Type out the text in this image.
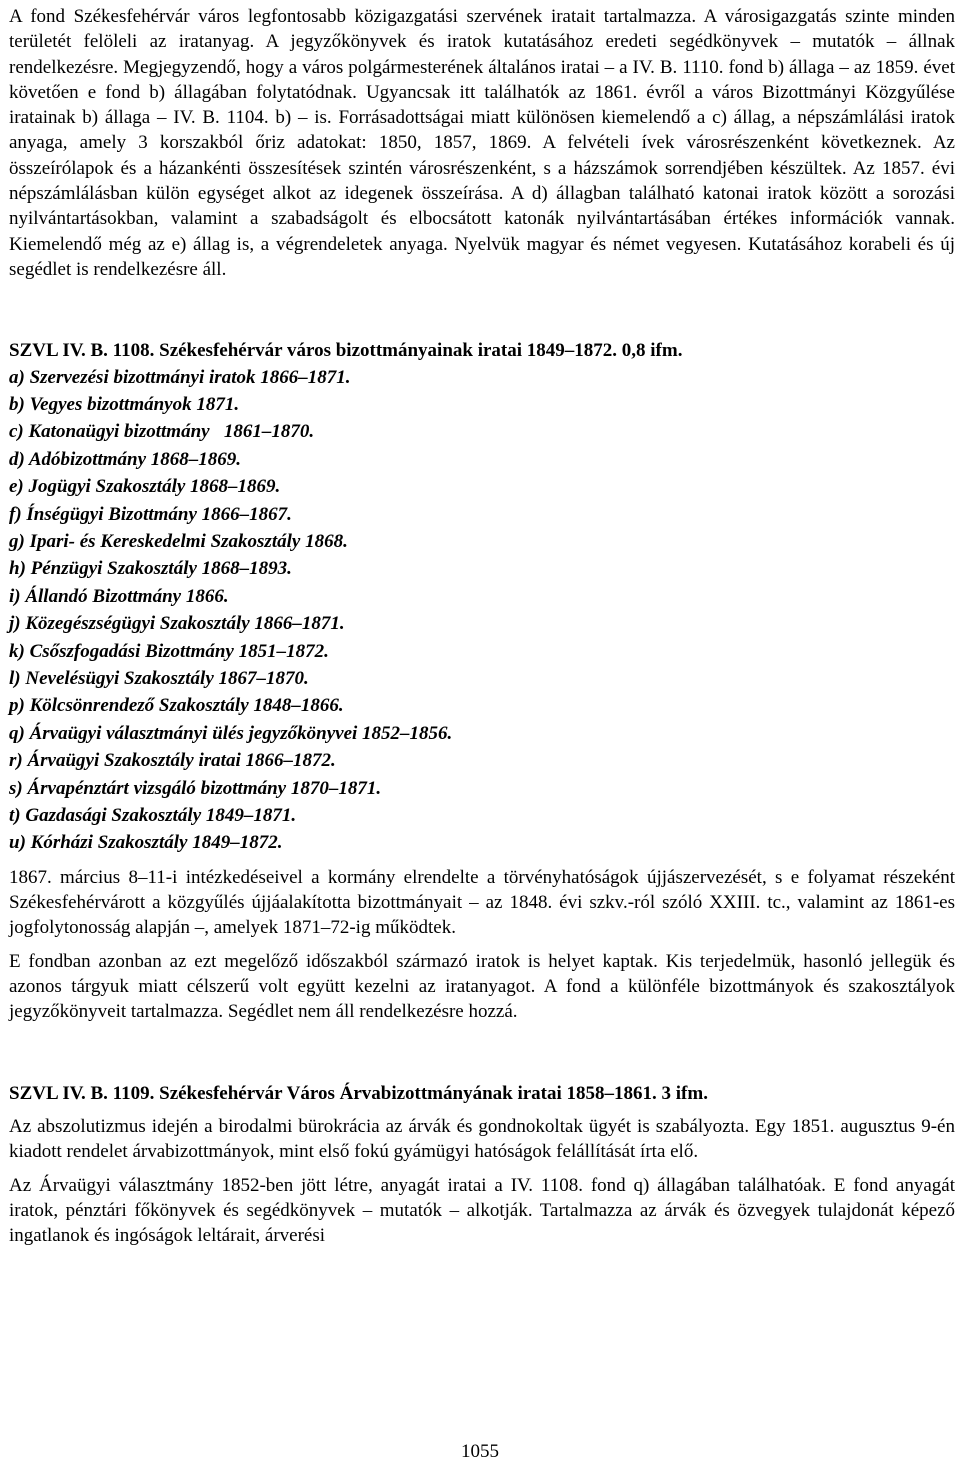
A fond Székesfehérvár város legfontosabb közigazgatási szervének iratait tartalmazza. A városigazgatás szinte minden területét felöleli az iratanyag. A jegyzőkönyvek és iratok kutatásához eredeti segédkönyvek – mutatók – állnak rendelkezésre. Megjegyzendő, hogy a város polgármesterének általános iratai – a IV. B. 1110. fond b) állaga – az 1859. évet követően e fond b) állagában folytatódnak. Ugyancsak itt találhatók az 1861. évről a város Bizottmányi Közgyűlése iratainak b) állaga – IV. B. 1104. b) – is. Forrásadottságai miatt különösen kiemelendő a c) állag, a népszámlálási iratok anyaga, amely 3 korszakból őriz adatokat: 1850, 1857, 1869. A felvételi ívek városrészenként következnek. Az összeírólapok és a házankénti összesítések szintén városrészenként, s a házszámok sorrendjében készültek. Az 1857. évi népszámlálásban külön egységet alkot az idegenek összeírása. A d) állagban található katonai iratok között a sorozási nyilvántartásokban, valamint a szabadságolt és elbocsátott katonák nyilvántartásában értékes információk vannak. Kiemelendő még az e) állag is, a végrendeletek anyaga. Nyelvük magyar és német vegyesen. Kutatásához korabeli és új segédlet is rendelkezésre áll.

SZVL IV. B. 1108. Székesfehérvár város bizottmányainak iratai 1849–1872. 0,8 ifm.
a) Szervezési bizottmányi iratok 1866–1871.
b) Vegyes bizottmányok 1871.
c) Katonaügyi bizottmány   1861–1870.
d) Adóbizottmány 1868–1869.
e) Jogügyi Szakosztály 1868–1869.
f) Ínségügyi Bizottmány 1866–1867.
g) Ipari- és Kereskedelmi Szakosztály 1868.
h) Pénzügyi Szakosztály 1868–1893.
i) Állandó Bizottmány 1866.
j) Közegészségügyi Szakosztály 1866–1871.
k) Csőszfogadási Bizottmány 1851–1872.
l) Nevelésügyi Szakosztály 1867–1870.
p) Kölcsönrendező Szakosztály 1848–1866.
q) Árvaügyi választmányi ülés jegyzőkönyvei 1852–1856.
r) Árvaügyi Szakosztály iratai 1866–1872.
s) Árvapénztárt vizsgáló bizottmány 1870–1871.
t) Gazdasági Szakosztály 1849–1871.
u) Kórházi Szakosztály 1849–1872.

1867. március 8–11-i intézkedéseivel a kormány elrendelte a törvényhatóságok újjászervezését, s e folyamat részeként Székesfehérvárott a közgyűlés újjáalakította bizottmányait – az 1848. évi szkv.-ról szóló XXIII. tc., valamint az 1861-es jogfolytonosság alapján –, amelyek 1871–72-ig működtek.

E fondban azonban az ezt megelőző időszakból származó iratok is helyet kaptak. Kis terjedelmük, hasonló jellegük és azonos tárgyuk miatt célszerű volt együtt kezelni az iratanyagot. A fond a különféle bizottmányok és szakosztályok jegyzőkönyveit tartalmazza. Segédlet nem áll rendelkezésre hozzá.

SZVL IV. B. 1109. Székesfehérvár Város Árvabizottmányának iratai 1858–1861. 3 ifm.

Az abszolutizmus idején a birodalmi bürokrácia az árvák és gondnokoltak ügyét is szabályozta. Egy 1851. augusztus 9-én kiadott rendelet árvabizottmányok, mint első fokú gyámügyi hatóságok felállítását írta elő.

Az Árvaügyi választmány 1852-ben jött létre, anyagát iratai a IV. 1108. fond q) állagában találhatóak. E fond anyagát iratok, pénztári főkönyvek és segédkönyvek – mutatók – alkotják. Tartalmazza az árvák és özvegyek tulajdonát képező ingatlanok és ingóságok leltárait, árverési

1055
